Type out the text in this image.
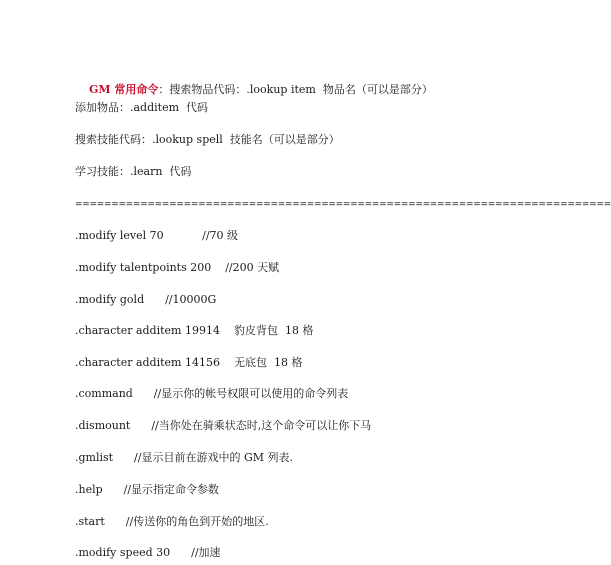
GM 常用命令：搜索物品代码：.lookup item  物品名（可以是部分）

添加物品：.additem  代码
搜索技能代码：.lookup spell  技能名（可以是部分）
学习技能：.learn  代码
==========================================================================
.modify level 70           //70 级
.modify talentpoints 200    //200 天赋
.modify gold      //10000G
.character additem 19914    豹皮背包  18 格
.character additem 14156    无底包  18 格
.command      //显示你的帐号权限可以使用的命令列表
.dismount      //当你处在骑乘状态时,这个命令可以让你下马
.gmlist      //显示目前在游戏中的 GM 列表.
.help      //显示指定命令参数
.start      //传送你的角色到开始的地区.
.modify speed 30      //加速
